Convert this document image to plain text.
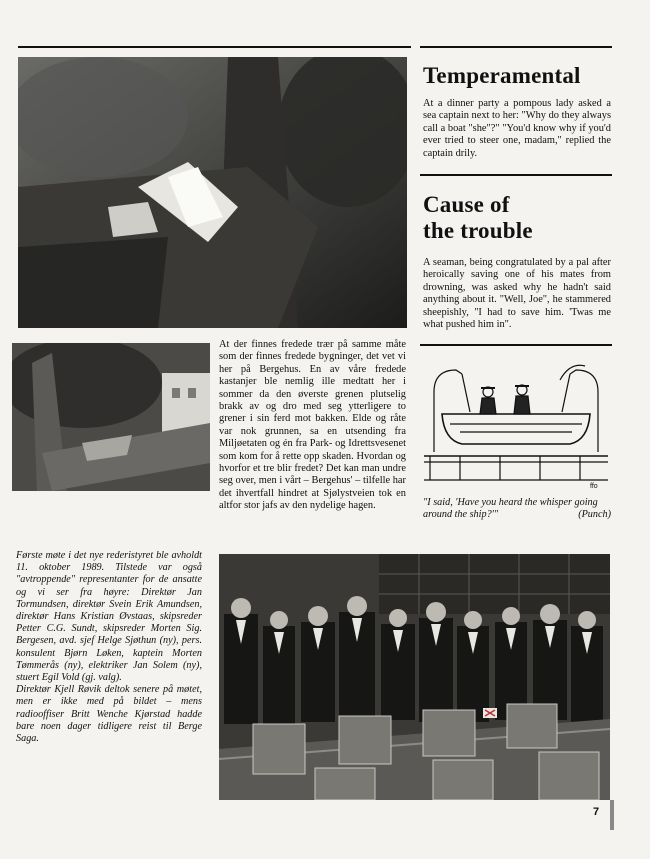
At der finnes fredede trær på samme måte som der finnes fredede bygninger, det vet vi her på Bergehus. En av våre fredede kastanjer ble nemlig ille medtatt her i sommer da den øverste grenen plutselig brakk av og dro med seg ytterligere to grener i sin ferd mot bakken. Elde og råte var nok grunnen, sa en utsending fra Miljøetaten og én fra Park- og Idrettsvesenet som kom for å rette opp skaden. Hvordan og hvorfor et tre blir fredet? Det kan man undre seg over, men i vårt – Bergehus' – tilfelle har det ihvertfall hindret at Sjølystveien tok en altfor stor jafs av den nydelige hagen.
Temperamental
At a dinner party a pompous lady asked a sea captain next to her: "Why do they always call a boat "she"?" "You'd know why if you'd ever tried to steer one, madam," replied the captain drily.
Cause of
the trouble
A seaman, being congratulated by a pal after heroically saving one of his mates from drowning, was asked why he hadn't said anything about it. "Well, Joe", he stammered sheepishly, "I had to save him. 'Twas me what pushed him in".
ffo
"I said, 'Have you heard the whisper going around the ship?'"	(Punch)
Første møte i det nye rederistyret ble avholdt 11. oktober 1989. Tilstede var også "avtroppende" representanter for de ansatte og vi ser fra høyre: Direktør Jan Tormundsen, direktør Svein Erik Amundsen, direktør Hans Kristian Øvstaas, skipsreder Petter C.G. Sundt, skipsreder Morten Sig. Bergesen, avd. sjef Helge Sjøthun (ny), pers. konsulent Bjørn Løken, kaptein Morten Tømmerås (ny), elektriker Jan Solem (ny), stuert Egil Vold (gj. valg).
Direktør Kjell Røvik deltok senere på møtet, men er ikke med på bildet – mens radiooffiser Britt Wenche Kjørstad hadde bare noen dager tidligere reist til Berge Saga.
7
